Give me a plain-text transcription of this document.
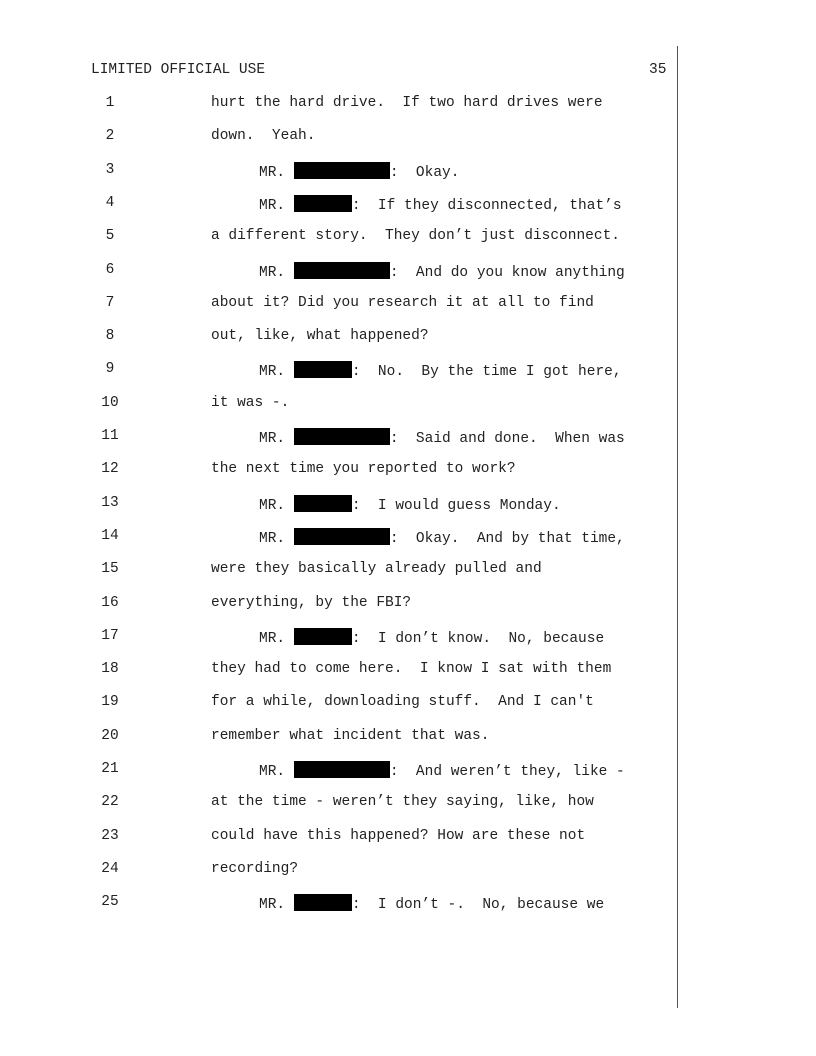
LIMITED OFFICIAL USE	35
1	hurt the hard drive.  If two hard drives were
2	down.  Yeah.
3	MR.	:  Okay.
4	MR.	:  If they disconnected, that’s
5	a different story.  They don’t just disconnect.
6	MR.	:  And do you know anything
7	about it? Did you research it at all to find
8	out, like, what happened?
9	MR.	:  No.  By the time I got here,
10	it was -.
11	MR.	:  Said and done.  When was
12	the next time you reported to work?
13	MR.	:  I would guess Monday.
14	MR.	:  Okay.  And by that time,
15	were they basically already pulled and
16	everything, by the FBI?
17	MR.	:  I don’t know.  No, because
18	they had to come here.  I know I sat with them
19	for a while, downloading stuff.  And I can't
20	remember what incident that was.
21	MR.	:  And weren’t they, like -
22	at the time - weren’t they saying, like, how
23	could have this happened? How are these not
24	recording?
25	MR.	:  I don’t -.  No, because we
